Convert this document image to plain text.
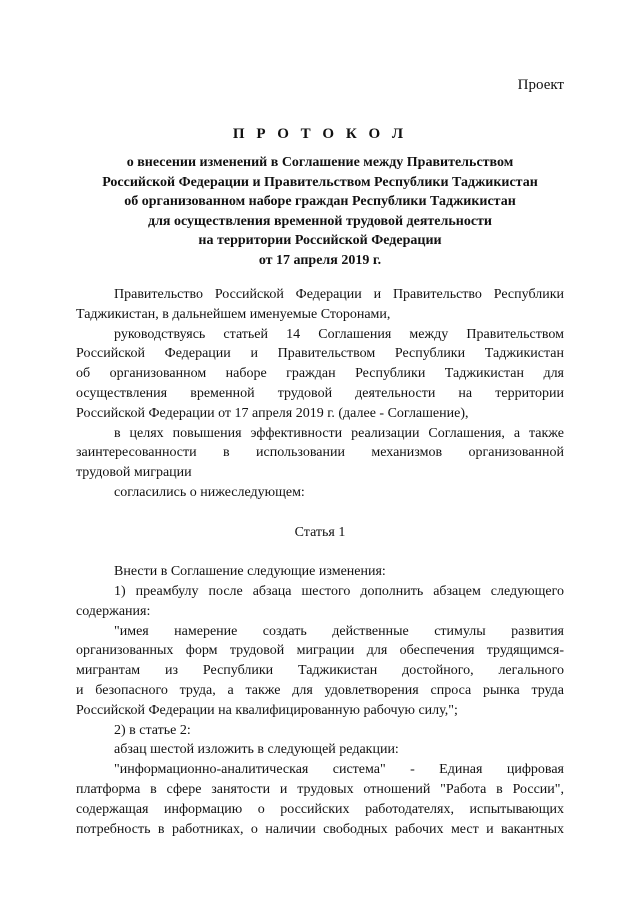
Проект
П Р О Т О К О Л
о внесении изменений в Соглашение между Правительством
Российской Федерации и Правительством Республики Таджикистан
об организованном наборе граждан Республики Таджикистан
для осуществления временной трудовой деятельности
на территории Российской Федерации
от 17 апреля 2019 г.
Правительство Российской Федерации и Правительство Республики
Таджикистан, в дальнейшем именуемые Сторонами,
руководствуясь статьей 14 Соглашения между Правительством
Российской Федерации и Правительством Республики Таджикистан
об организованном наборе граждан Республики Таджикистан для
осуществления временной трудовой деятельности на территории
Российской Федерации от 17 апреля 2019 г. (далее - Соглашение),
в целях повышения эффективности реализации Соглашения, а также
заинтересованности в использовании механизмов организованной
трудовой миграции
согласились о нижеследующем:
Статья 1
Внести в Соглашение следующие изменения:
1) преамбулу после абзаца шестого дополнить абзацем следующего
содержания:
"имея намерение создать действенные стимулы развития
организованных форм трудовой миграции для обеспечения трудящимся-
мигрантам из Республики Таджикистан достойного, легального
и безопасного труда, а также для удовлетворения спроса рынка труда
Российской Федерации на квалифицированную рабочую силу,";
2) в статье 2:
абзац шестой изложить в следующей редакции:
"информационно-аналитическая система" - Единая цифровая
платформа в сфере занятости и трудовых отношений "Работа в России",
содержащая информацию о российских работодателях, испытывающих
потребность в работниках, о наличии свободных рабочих мест и вакантных
